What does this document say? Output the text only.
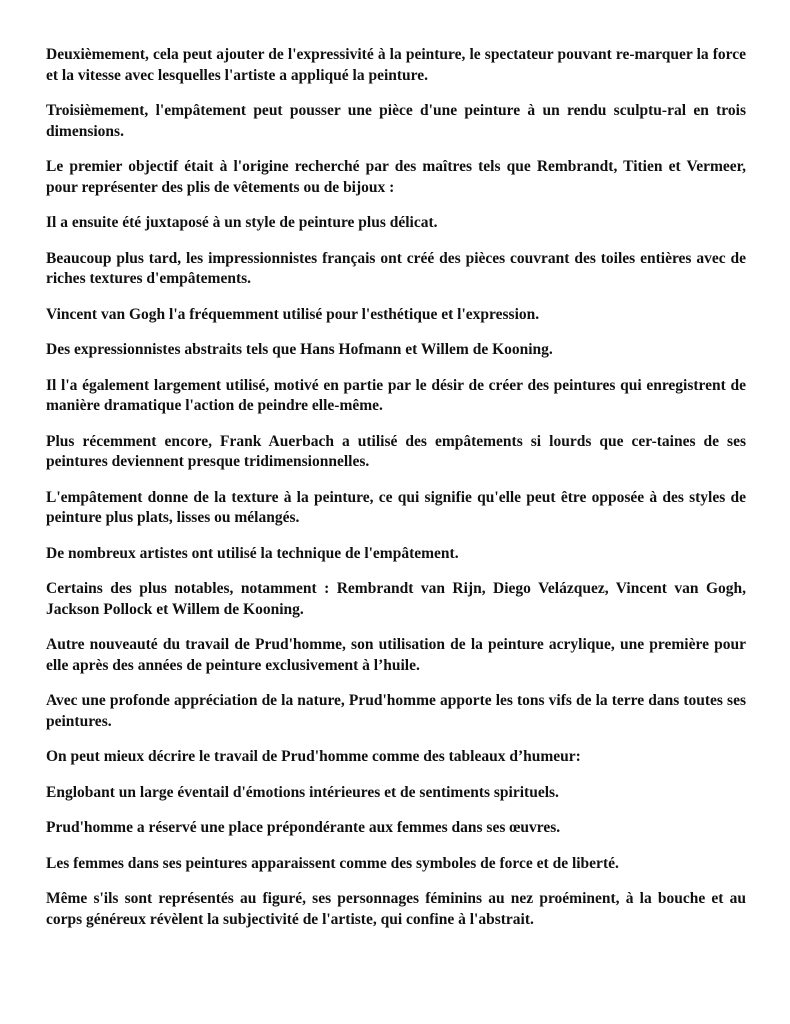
Deuxièmement, cela peut ajouter de l'expressivité à la peinture, le spectateur pouvant re-marquer la force et la vitesse avec lesquelles l'artiste a appliqué la peinture.

Troisièmement, l'empâtement peut pousser une pièce d'une peinture à un rendu sculptu-ral en trois dimensions.

Le premier objectif était à l'origine recherché par des maîtres tels que Rembrandt, Titien et Vermeer, pour représenter des plis de vêtements ou de bijoux :

Il a ensuite été juxtaposé à un style de peinture plus délicat.

Beaucoup plus tard, les impressionnistes français ont créé des pièces couvrant des toiles entières avec de riches textures d'empâtements.

Vincent van Gogh l'a fréquemment utilisé pour l'esthétique et l'expression.

Des expressionnistes abstraits tels que Hans Hofmann et Willem de Kooning.

Il l'a également largement utilisé, motivé en partie par le désir de créer des peintures qui enregistrent de manière dramatique l'action de peindre elle-même.

Plus récemment encore, Frank Auerbach a utilisé des empâtements si lourds que cer-taines de ses peintures deviennent presque tridimensionnelles.

L'empâtement donne de la texture à la peinture, ce qui signifie qu'elle peut être opposée à des styles de peinture plus plats, lisses ou mélangés.

De nombreux artistes ont utilisé la technique de l'empâtement.

Certains des plus notables, notamment : Rembrandt van Rijn, Diego Velázquez, Vincent van Gogh, Jackson Pollock et Willem de Kooning.

Autre nouveauté du travail de Prud'homme, son utilisation de la peinture acrylique, une première pour elle après des années de peinture exclusivement à l’huile.

Avec une profonde appréciation de la nature, Prud'homme apporte les tons vifs de la terre dans toutes ses peintures.

On peut mieux décrire le travail de Prud'homme comme des tableaux d’humeur:

Englobant un large éventail d'émotions intérieures et de sentiments spirituels.

Prud'homme a réservé une place prépondérante aux femmes dans ses œuvres.

Les femmes dans ses peintures apparaissent comme des symboles de force et de liberté.

Même s'ils sont représentés au figuré, ses personnages féminins au nez proéminent, à la bouche et au corps généreux révèlent la subjectivité de l'artiste, qui confine à l'abstrait.
